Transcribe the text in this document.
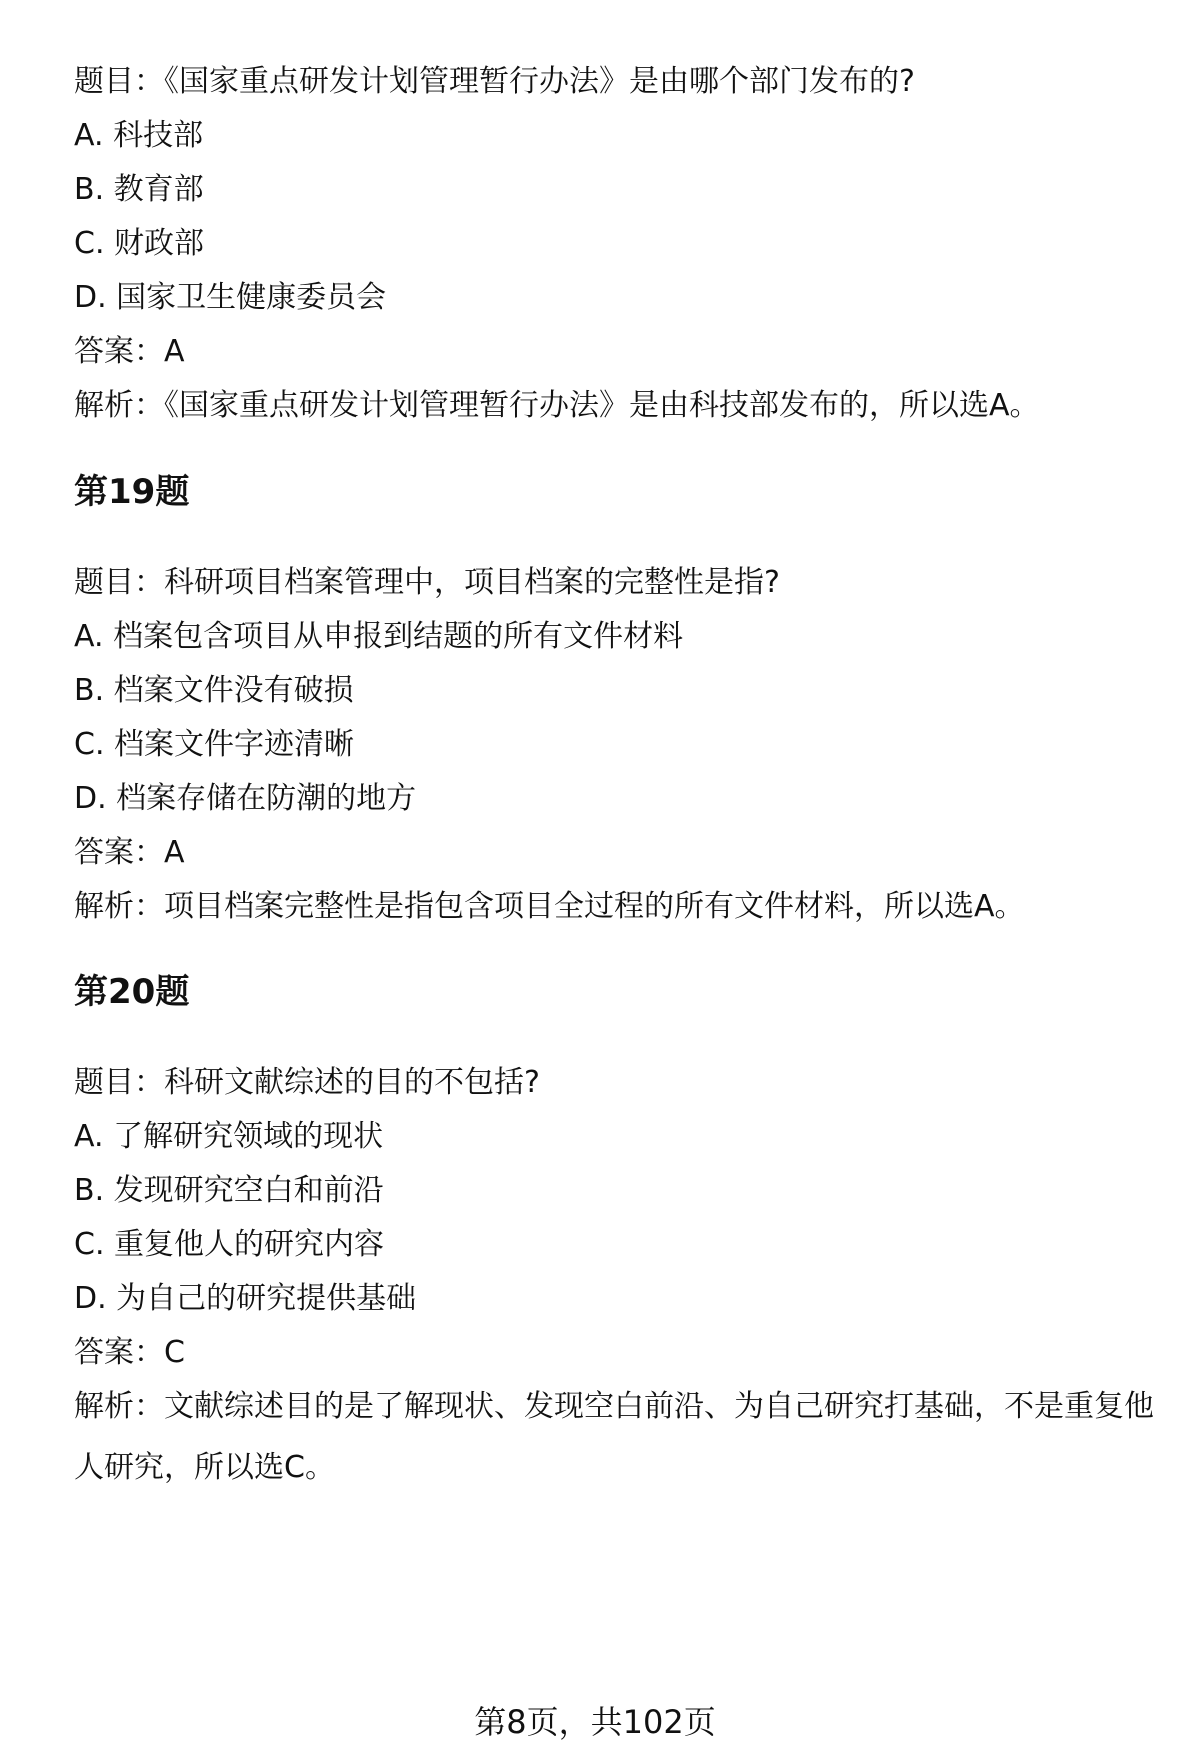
题目：《国家重点研发计划管理暂行办法》是由哪个部门发布的?

A. 科技部

B. 教育部

C. 财政部

D. 国家卫生健康委员会

答案：A

解析：《国家重点研发计划管理暂行办法》是由科技部发布的，所以选A。

第19题

题目：科研项目档案管理中，项目档案的完整性是指?

A. 档案包含项目从申报到结题的所有文件材料

B. 档案文件没有破损

C. 档案文件字迹清晰

D. 档案存储在防潮的地方

答案：A

解析：项目档案完整性是指包含项目全过程的所有文件材料，所以选A。

第20题

题目：科研文献综述的目的不包括?

A. 了解研究领域的现状

B. 发现研究空白和前沿

C. 重复他人的研究内容

D. 为自己的研究提供基础

答案：C

解析：文献综述目的是了解现状、发现空白前沿、为自己研究打基础，不是重复他人研究，所以选C。

第8页，共102页
